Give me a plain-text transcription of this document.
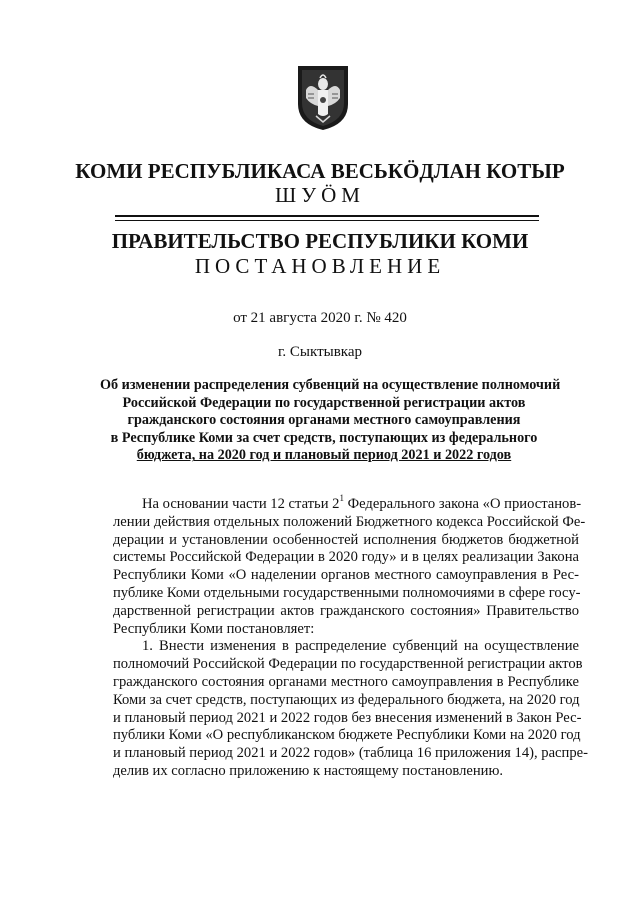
КОМИ РЕСПУБЛИКАСА ВЕСЬКÖДЛАН КОТЫР
ШУÖМ
ПРАВИТЕЛЬСТВО РЕСПУБЛИКИ КОМИ
ПОСТАНОВЛЕНИЕ
от 21 августа 2020 г. № 420
г. Сыктывкар
Об изменении распределения субвенций на осуществление полномочий
Российской Федерации по государственной регистрации актов
гражданского состояния органами местного самоуправления
в Республике Коми за счет средств, поступающих из федерального
бюджета, на 2020 год и плановый период 2021 и 2022 годов
На основании части 12 статьи $2^1$ Федерального закона «О приостанов-
лении действия отдельных положений Бюджетного кодекса Российской Фе-
дерации и установлении особенностей исполнения бюджетов бюджетной
системы Российской Федерации в 2020 году» и в целях реализации Закона
Республики Коми «О наделении органов местного самоуправления в Рес-
публике Коми отдельными государственными полномочиями в сфере госу-
дарственной регистрации актов гражданского состояния» Правительство
Республики Коми постановляет:
1. Внести изменения в распределение субвенций на осуществление
полномочий Российской Федерации по государственной регистрации актов
гражданского состояния органами местного самоуправления в Республике
Коми за счет средств, поступающих из федерального бюджета, на 2020 год
и плановый период 2021 и 2022 годов без внесения изменений в Закон Рес-
публики Коми «О республиканском бюджете Республики Коми на 2020 год
и плановый период 2021 и 2022 годов» (таблица 16 приложения 14), распре-
делив их согласно приложению к настоящему постановлению.
